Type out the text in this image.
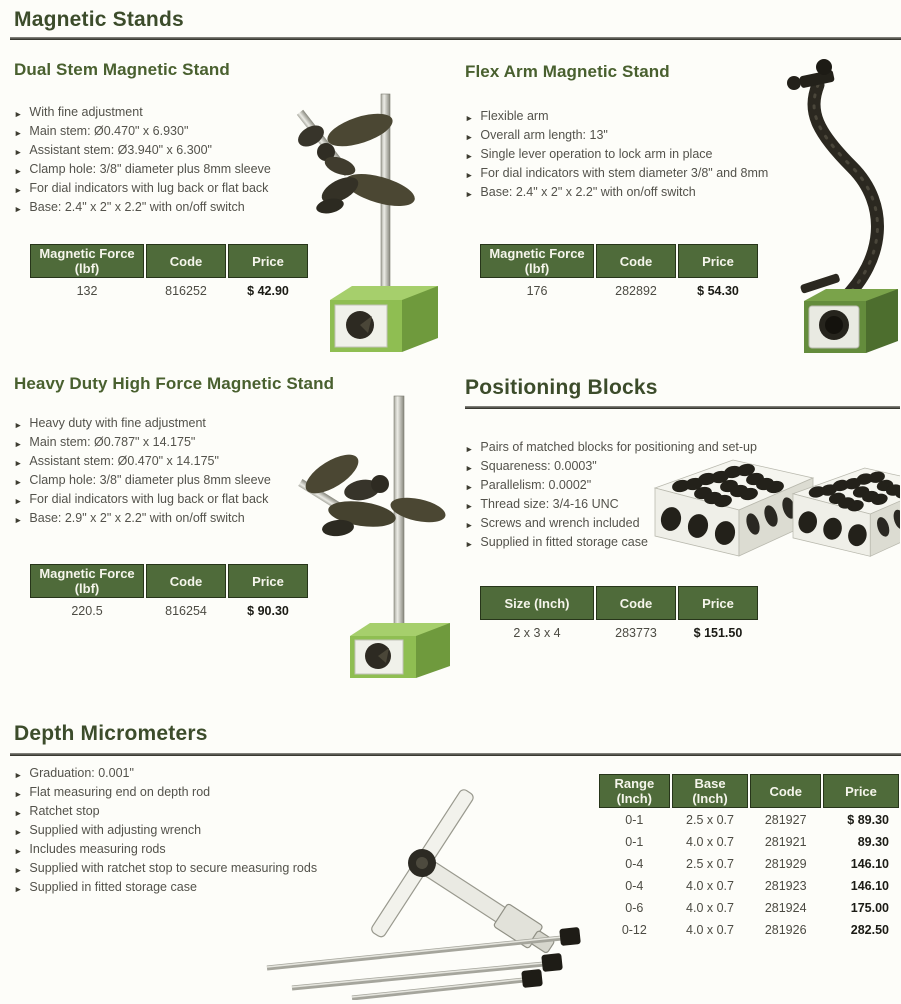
Magnetic Stands
Dual Stem Magnetic Stand
► With fine adjustment
► Main stem: Ø0.470" x 6.930"
► Assistant stem: Ø3.940" x 6.300"
► Clamp hole: 3/8" diameter plus 8mm sleeve
► For dial indicators with lug back or flat back
► Base: 2.4" x 2" x 2.2" with on/off switch
Magnetic Force (lbf)	Code	Price
132	816252	$ 42.90
Flex Arm Magnetic Stand
► Flexible arm
► Overall arm length: 13"
► Single lever operation to lock arm in place
► For dial indicators with stem diameter 3/8" and 8mm
► Base: 2.4" x 2" x 2.2" with on/off switch
Magnetic Force (lbf)	Code	Price
176	282892	$ 54.30
Heavy Duty High Force Magnetic Stand
► Heavy duty with fine adjustment
► Main stem: Ø0.787" x 14.175"
► Assistant stem: Ø0.470" x 14.175"
► Clamp hole: 3/8" diameter plus 8mm sleeve
► For dial indicators with lug back or flat back
► Base: 2.9" x 2" x 2.2" with on/off switch
Magnetic Force (lbf)	Code	Price
220.5	816254	$ 90.30
Positioning Blocks
► Pairs of matched blocks for positioning and set-up
► Squareness: 0.0003"
► Parallelism: 0.0002"
► Thread size: 3/4-16 UNC
► Screws and wrench included
► Supplied in fitted storage case
Size (Inch)	Code	Price
2 x 3 x 4	283773	$ 151.50
Depth Micrometers
► Graduation: 0.001"
► Flat measuring end on depth rod
► Ratchet stop
► Supplied with adjusting wrench
► Includes measuring rods
► Supplied with ratchet stop to secure measuring rods
► Supplied in fitted storage case
Range (Inch)	Base (Inch)	Code	Price
0-1	2.5 x 0.7	281927	$ 89.30
0-1	4.0 x 0.7	281921	89.30
0-4	2.5 x 0.7	281929	146.10
0-4	4.0 x 0.7	281923	146.10
0-6	4.0 x 0.7	281924	175.00
0-12	4.0 x 0.7	281926	282.50
